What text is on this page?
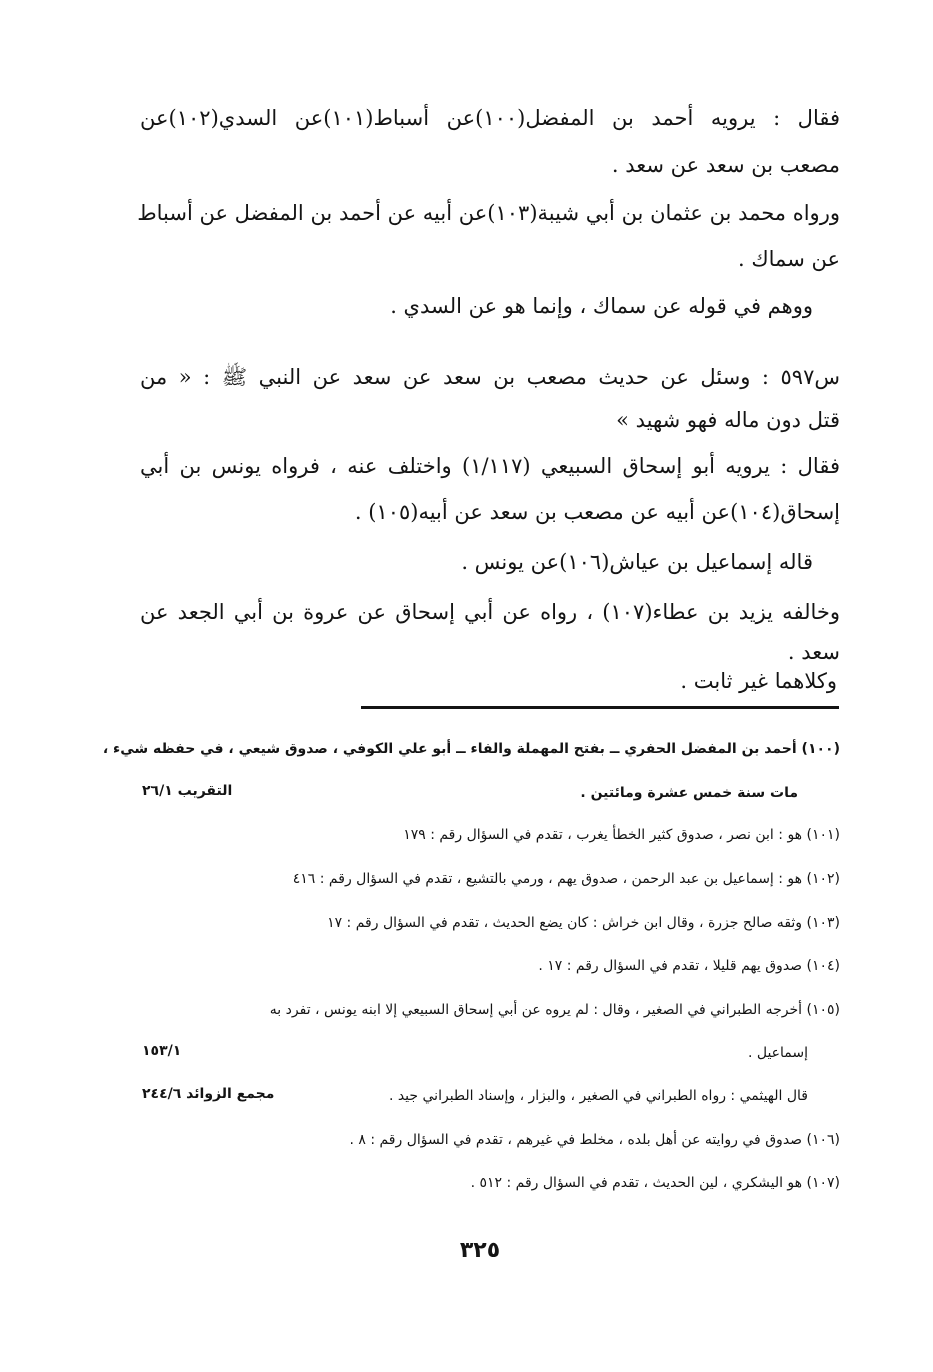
فقال : يرويه أحمد بن المفضل(١٠٠)عن أسباط(١٠١)عن السدي(١٠٢)عن
مصعب بن سعد عن سعد .
ورواه محمد بن عثمان بن أبي شيبة(١٠٣)عن أبيه عن أحمد بن المفضل عن أسباط
عن سماك .
ووهم في قوله عن سماك ، وإنما هو عن السدي .
س٥٩٧ : وسئل عن حديث مصعب بن سعد عن سعد عن النبي ﷺ : « من
قتل دون ماله فهو شهيد »
فقال : يرويه أبو إسحاق السبيعي (١/١١٧) واختلف عنه ، فرواه يونس بن أبي
إسحاق(١٠٤)عن أبيه عن مصعب بن سعد عن أبيه(١٠٥) .
قاله إسماعيل بن عياش(١٠٦)عن يونس .
وخالفه يزيد بن عطاء(١٠٧) ، رواه عن أبي إسحاق عن عروة بن أبي الجعد عن
سعد .
وكلاهما غير ثابت .
(١٠٠) أحمد بن المفضل الحفري ــ بفتح المهملة والفاء ــ أبو علي الكوفي ، صدوق شيعي ، في حفظه شيء ،
مات سنة خمس عشرة ومائتين .
التقريب ٢٦/١
(١٠١) هو : ابن نصر ، صدوق كثير الخطأ يغرب ، تقدم في السؤال رقم : ١٧٩
(١٠٢) هو : إسماعيل بن عبد الرحمن ، صدوق يهم ، ورمي بالتشيع ، تقدم في السؤال رقم : ٤١٦
(١٠٣) وثقه صالح جزرة ، وقال ابن خراش : كان يضع الحديث ، تقدم في السؤال رقم : ١٧
(١٠٤) صدوق يهم قليلا ، تقدم في السؤال رقم : ١٧ .
(١٠٥) أخرجه الطبراني في الصغير ، وقال : لم يروه عن أبي إسحاق السبيعي إلا ابنه يونس ، تفرد به
إسماعيل .
١٥٣/١
قال الهيثمي : رواه الطبراني في الصغير ، والبزار ، وإسناد الطبراني جيد .
مجمع الزوائد ٢٤٤/٦
(١٠٦) صدوق في روايته عن أهل بلده ، مخلط في غيرهم ، تقدم في السؤال رقم : ٨ .
(١٠٧) هو اليشكري ، لين الحديث ، تقدم في السؤال رقم : ٥١٢ .
٣٢٥
